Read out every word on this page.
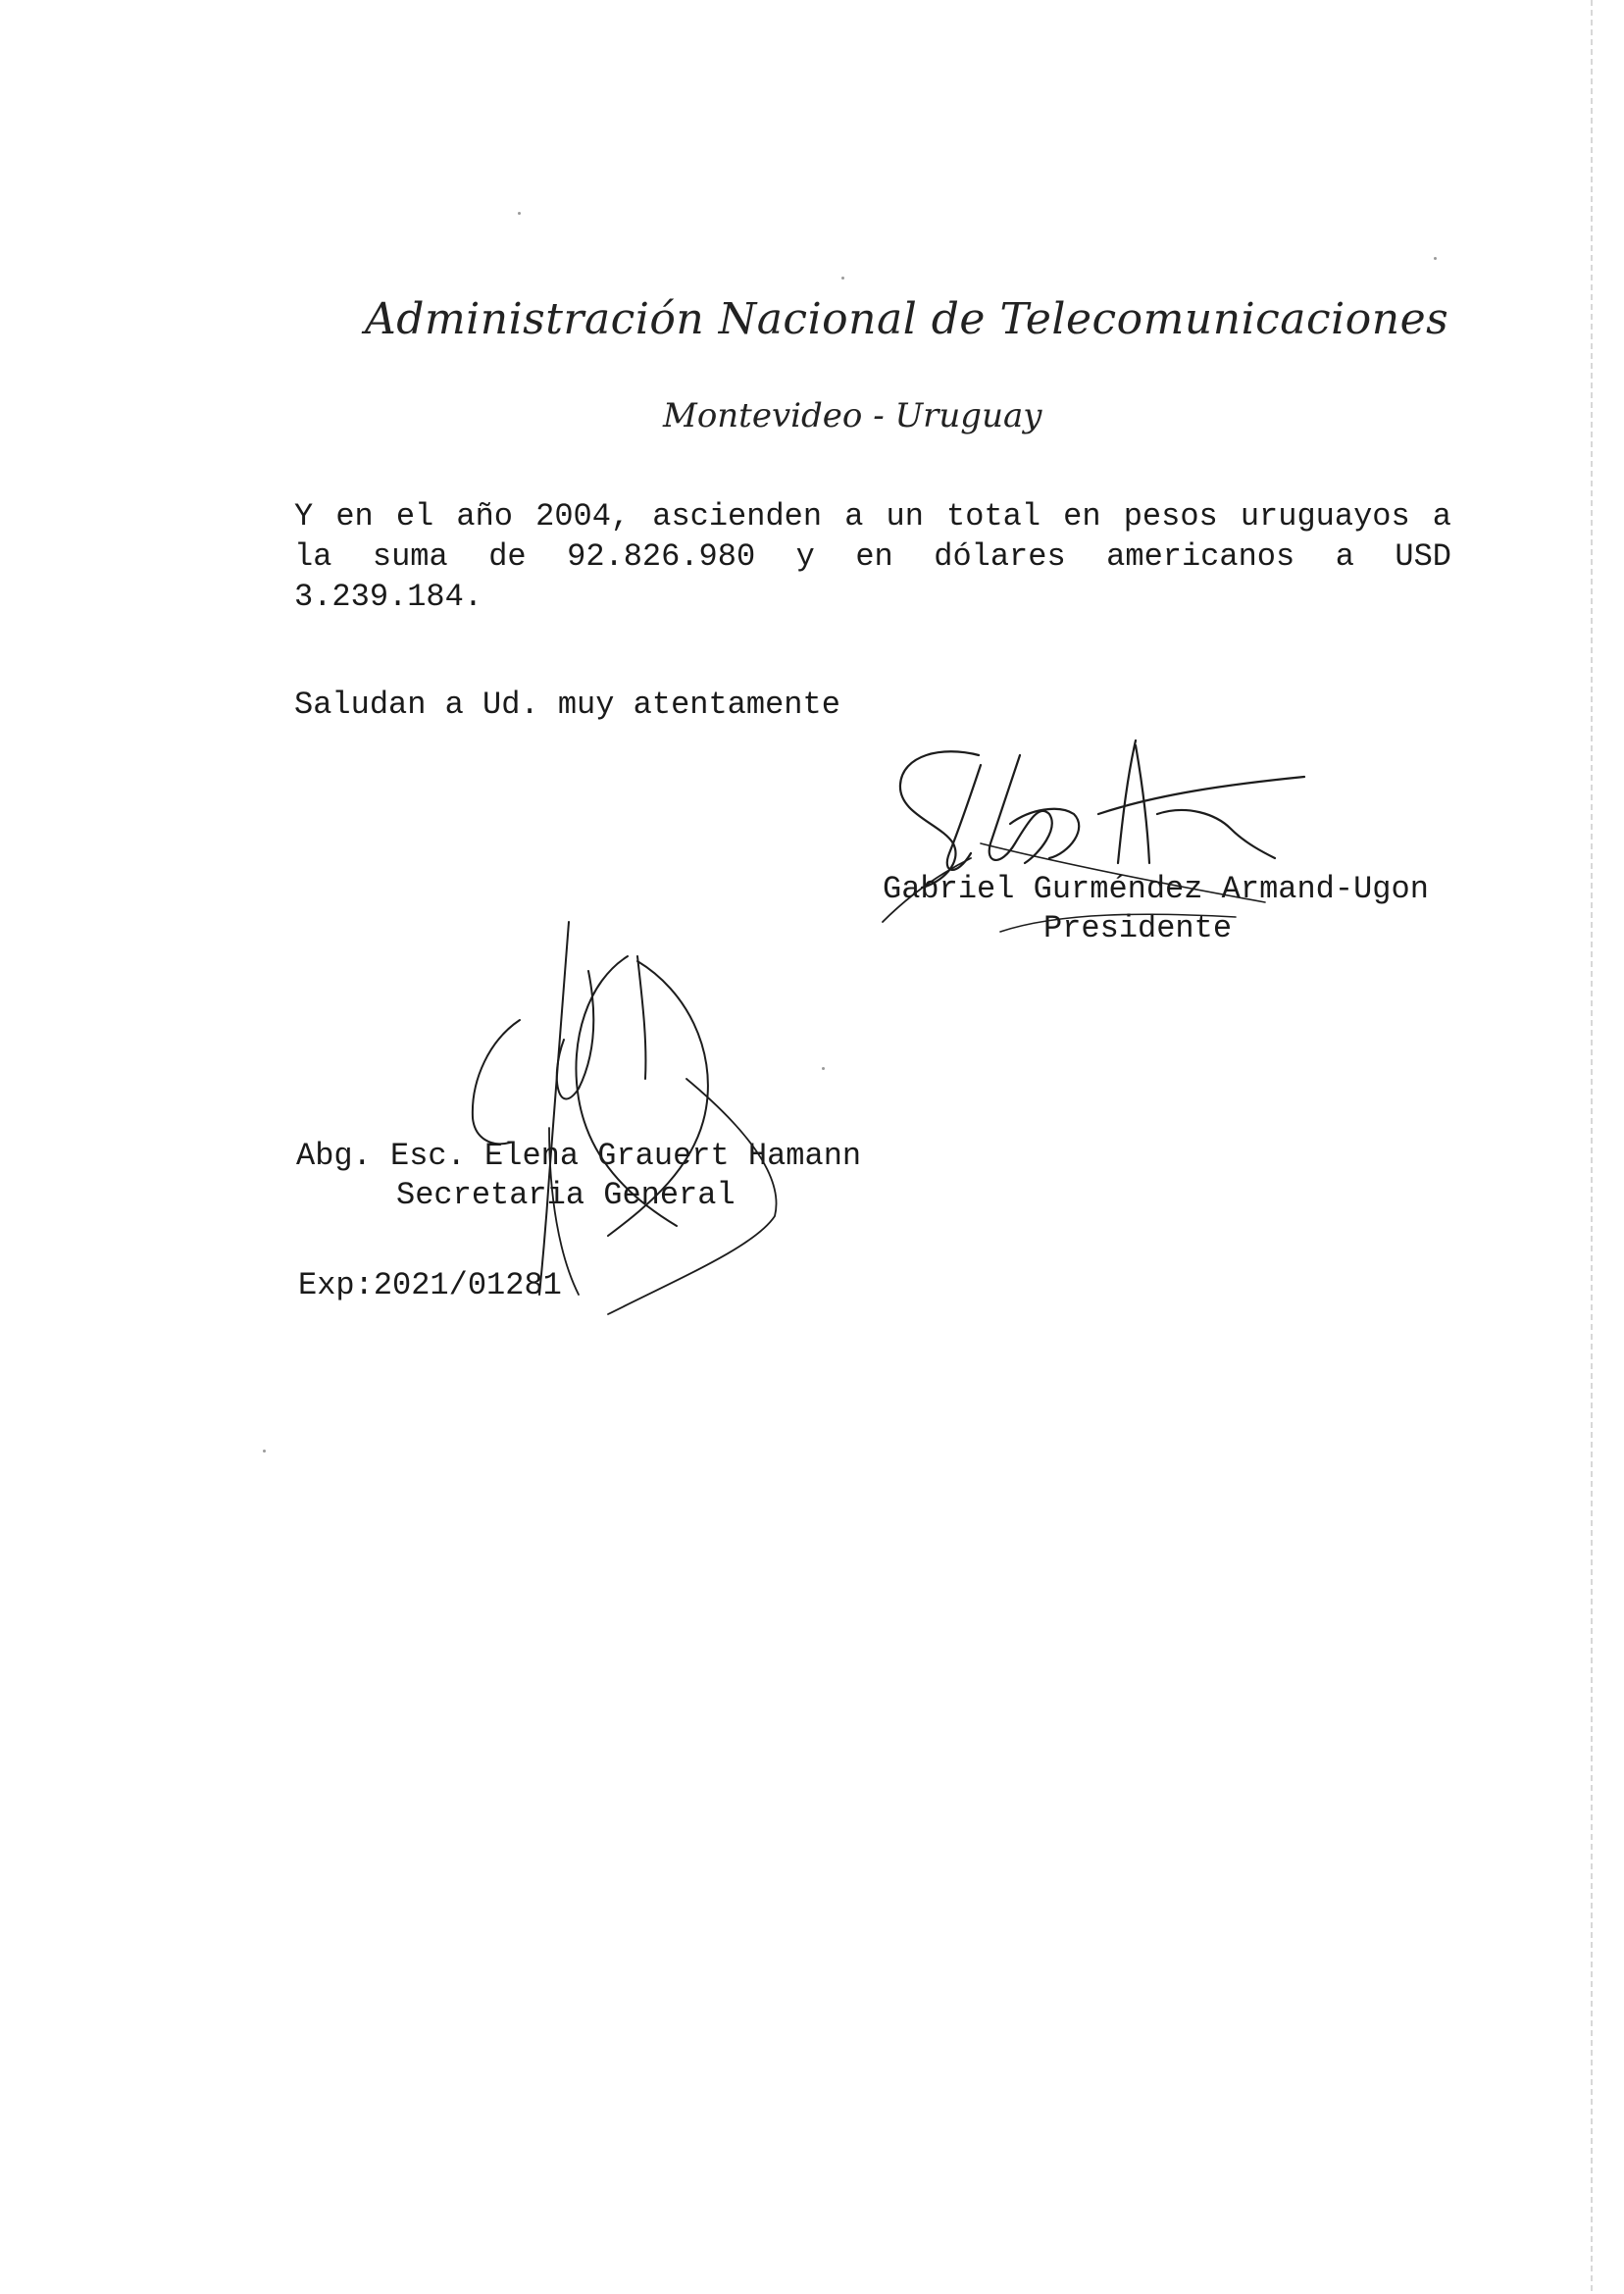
Administración Nacional de Telecomunicaciones
Montevideo - Uruguay

Y en el año 2004, ascienden a un total en pesos uruguayos a la suma de 92.826.980 y en dólares americanos a USD 3.239.184.

Saludan a Ud. muy atentamente
Gabriel Gurméndez Armand-Ugon
Presidente
Abg. Esc. Elena Grauert Hamann
Secretaria General
Exp:2021/01281
